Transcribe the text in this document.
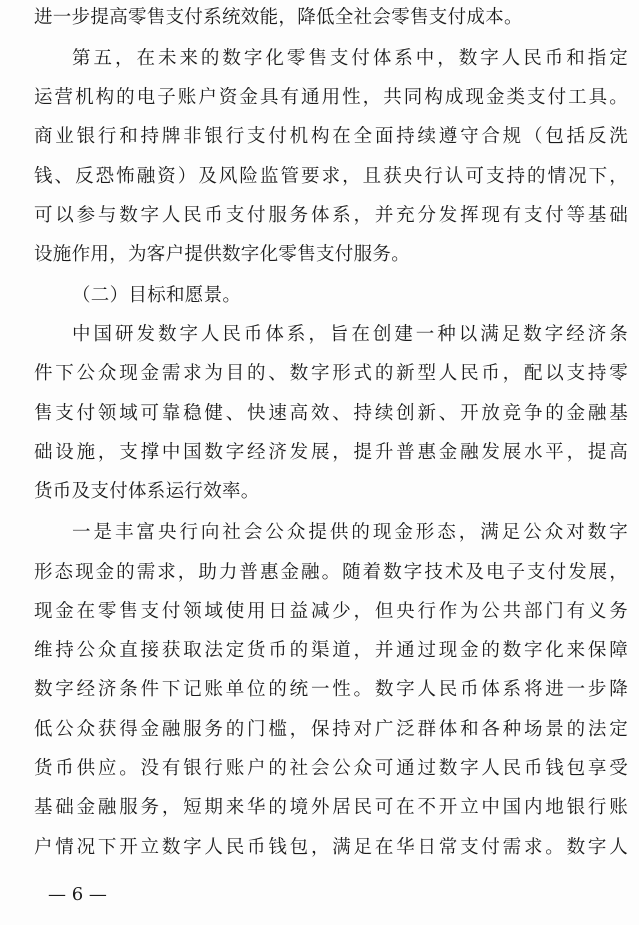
进一步提高零售支付系统效能，降低全社会零售支付成本。
第五，在未来的数字化零售支付体系中，数字人民币和指定
运营机构的电子账户资金具有通用性，共同构成现金类支付工具。
商业银行和持牌非银行支付机构在全面持续遵守合规（包括反洗
钱、反恐怖融资）及风险监管要求，且获央行认可支持的情况下，
可以参与数字人民币支付服务体系，并充分发挥现有支付等基础
设施作用，为客户提供数字化零售支付服务。
（二）目标和愿景。
中国研发数字人民币体系，旨在创建一种以满足数字经济条
件下公众现金需求为目的、数字形式的新型人民币，配以支持零
售支付领域可靠稳健、快速高效、持续创新、开放竞争的金融基
础设施，支撑中国数字经济发展，提升普惠金融发展水平，提高
货币及支付体系运行效率。
一是丰富央行向社会公众提供的现金形态，满足公众对数字
形态现金的需求，助力普惠金融。随着数字技术及电子支付发展，
现金在零售支付领域使用日益减少，但央行作为公共部门有义务
维持公众直接获取法定货币的渠道，并通过现金的数字化来保障
数字经济条件下记账单位的统一性。数字人民币体系将进一步降
低公众获得金融服务的门槛，保持对广泛群体和各种场景的法定
货币供应。没有银行账户的社会公众可通过数字人民币钱包享受
基础金融服务，短期来华的境外居民可在不开立中国内地银行账
户情况下开立数字人民币钱包，满足在华日常支付需求。数字人
— 6 —
